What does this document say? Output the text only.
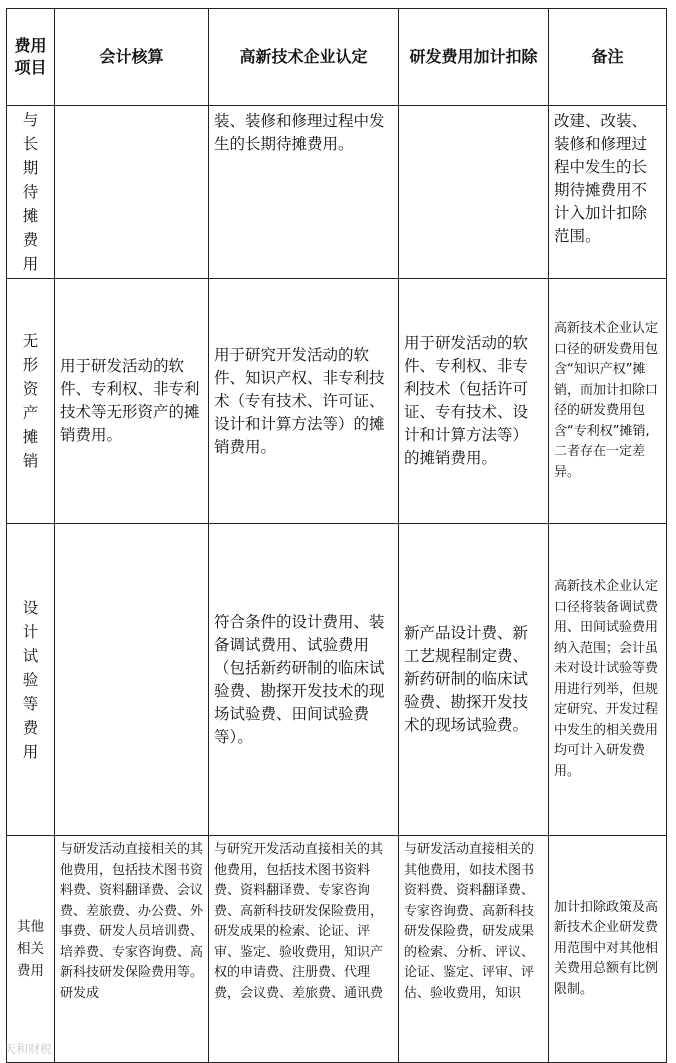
费用项目	会计核算	高新技术企业认定	研发费用加计扣除	备注

与长期待摊费用		装、装修和修理过程中发生的长期待摊费用。		改建、改装、装修和修理过程中发生的长期待摊费用不计入加计扣除范围。

无形资产摊销	用于研发活动的软件、专利权、非专利技术等无形资产的摊销费用。	用于研究开发活动的软件、知识产权、非专利技术（专有技术、许可证、设计和计算方法等）的摊销费用。	用于研发活动的软件、专利权、非专利技术（包括许可证、专有技术、设计和计算方法等）的摊销费用。	高新技术企业认定口径的研发费用包含“知识产权”摊销，而加计扣除口径的研发费用包含“专利权”摊销,二者存在一定差异。

设计试验等费用		符合条件的设计费用、装备调试费用、试验费用（包括新药研制的临床试验费、勘探开发技术的现场试验费、田间试验费等）。	新产品设计费、新工艺规程制定费、新药研制的临床试验费、勘探开发技术的现场试验费。	高新技术企业认定口径将装备调试费用、田间试验费用纳入范围；会计虽未对设计试验等费用进行列举，但规定研究、开发过程中发生的相关费用均可计入研发费用。

其他相关费用	与研发活动直接相关的其他费用，包括技术图书资料费、资料翻译费、会议费、差旅费、办公费、外事费、研发人员培训费、培养费、专家咨询费、高新科技研发保险费用等。研发成	与研究开发活动直接相关的其他费用，包括技术图书资料费、资料翻译费、专家咨询费、高新科技研发保险费用，研发成果的检索、论证、评审、鉴定、验收费用，知识产权的申请费、注册费、代理费，会议费、差旅费、通讯费	与研发活动直接相关的其他费用，如技术图书资料费、资料翻译费、专家咨询费、高新科技研发保险费，研发成果的检索、分析、评议、论证、鉴定、评审、评估、验收费用，知识	加计扣除政策及高新技术企业研发费用范围中对其他相关费用总额有比例限制。
天和财税
